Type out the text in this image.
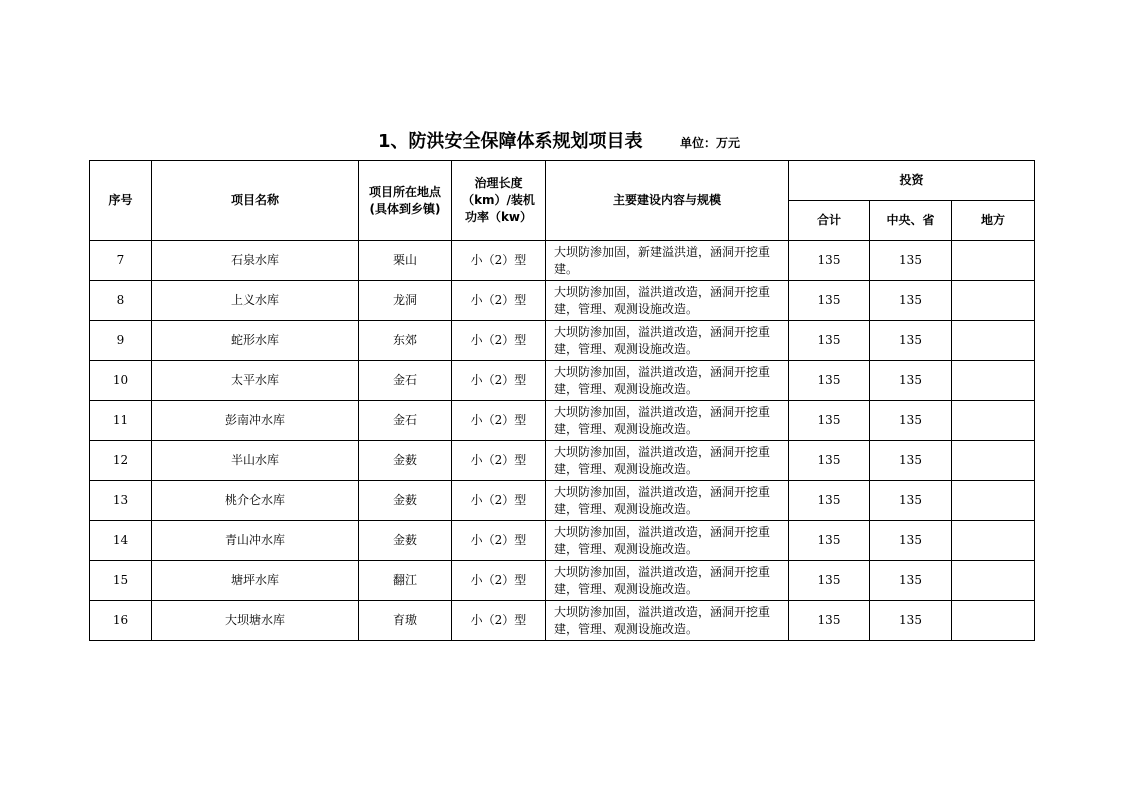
1、防洪安全保障体系规划项目表	单位：万元
序号	项目名称	项目所在地点(具体到乡镇)	治理长度（km）/装机功率（kw）	主要建设内容与规模	投资		
					合计	中央、省	地方
7	石泉水库	栗山	小（2）型	大坝防渗加固，新建溢洪道，涵洞开挖重建。	135	135	
8	上义水库	龙洞	小（2）型	大坝防渗加固，溢洪道改造，涵洞开挖重建，管理、观测设施改造。	135	135	
9	蛇形水库	东郊	小（2）型	大坝防渗加固，溢洪道改造，涵洞开挖重建，管理、观测设施改造。	135	135	
10	太平水库	金石	小（2）型	大坝防渗加固，溢洪道改造，涵洞开挖重建，管理、观测设施改造。	135	135	
11	彭南冲水库	金石	小（2）型	大坝防渗加固，溢洪道改造，涵洞开挖重建，管理、观测设施改造。	135	135	
12	半山水库	金薮	小（2）型	大坝防渗加固，溢洪道改造，涵洞开挖重建，管理、观测设施改造。	135	135	
13	桃介仑水库	金薮	小（2）型	大坝防渗加固，溢洪道改造，涵洞开挖重建，管理、观测设施改造。	135	135	
14	青山冲水库	金薮	小（2）型	大坝防渗加固，溢洪道改造，涵洞开挖重建，管理、观测设施改造。	135	135	
15	塘坪水库	翻江	小（2）型	大坝防渗加固，溢洪道改造，涵洞开挖重建，管理、观测设施改造。	135	135	
16	大坝塘水库	育璈	小（2）型	大坝防渗加固，溢洪道改造，涵洞开挖重建，管理、观测设施改造。	135	135	
